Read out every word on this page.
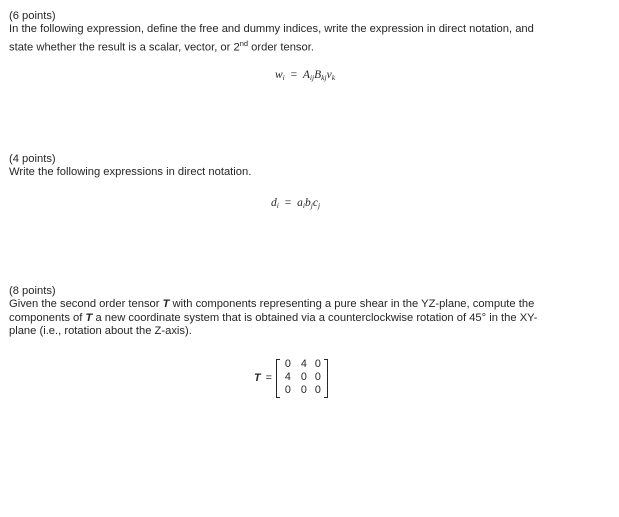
(6 points)

In the following expression, define the free and dummy indices, write the expression in direct notation, and

state whether the result is a scalar, vector, or 2nd order tensor.

$w_i = A_{ij}B_{kj}v_k$

(4 points)

Write the following expressions in direct notation.

$d_i = a_ib_jc_j$

(8 points)

Given the second order tensor T with components representing a pure shear in the YZ-plane, compute the

components of T a new coordinate system that is obtained via a counterclockwise rotation of 45° in the XY-

plane (i.e., rotation about the Z-axis).

T =
0 4 0
4 0 0
0 0 0
